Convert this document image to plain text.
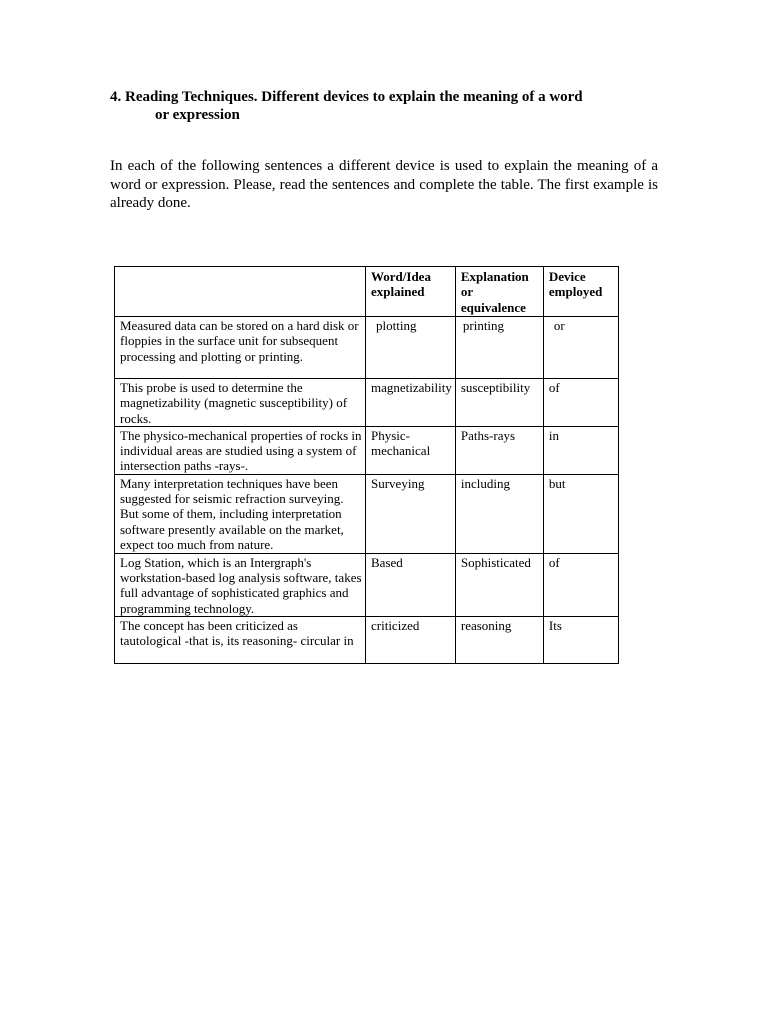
4. Reading Techniques. Different devices to explain the meaning of a word
or expression

In each of the following sentences a different device is used to explain the meaning of a word or expression. Please, read the sentences and complete the table. The first example is already done.

	Word/Idea explained	Explanation or equivalence	Device employed
Measured data can be stored on a hard disk or floppies in the surface unit for subsequent processing and plotting or printing.	plotting	printing	or

This probe is used to determine the magnetizability (magnetic susceptibility) of rocks.	magnetizability	susceptibility	of
The physico-mechanical properties of rocks in individual areas are studied using a system of intersection paths -rays-.	Physic-mechanical	Paths-rays	in
Many interpretation techniques have been suggested for seismic refraction surveying. But some of them, including interpretation software presently available on the market, expect too much from nature.	Surveying	including	but
Log Station, which is an Intergraph's workstation-based log analysis software, takes full advantage of sophisticated graphics and programming technology.	Based	Sophisticated	of
The concept has been criticized as tautological -that is, its reasoning- circular in	criticized	reasoning	Its
